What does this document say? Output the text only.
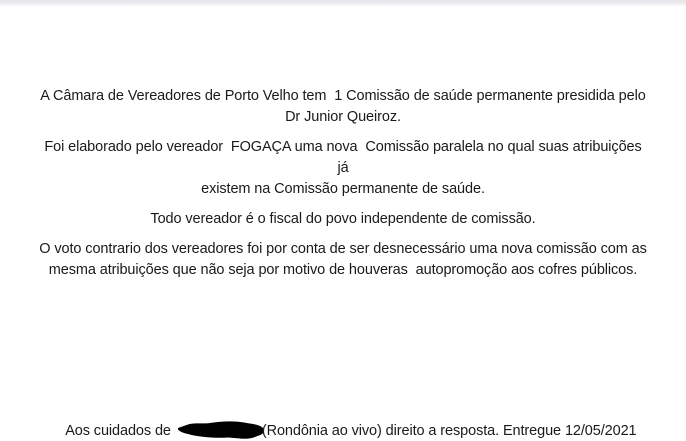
A Câmara de Vereadores de Porto Velho tem  1 Comissão de saúde permanente presidida pelo
Dr Junior Queiroz.
Foi elaborado pelo vereador  FOGAÇA uma nova  Comissão paralela no qual suas atribuições já
existem na Comissão permanente de saúde.
Todo vereador é o fiscal do povo independente de comissão.
O voto contrario dos vereadores foi por conta de ser desnecessário uma nova comissão com as
mesma atribuições que não seja por motivo de houveras  autopromoção aos cofres públicos.

Aos cuidados de	(Rondônia ao vivo) direito a resposta. Entregue 12/05/2021
